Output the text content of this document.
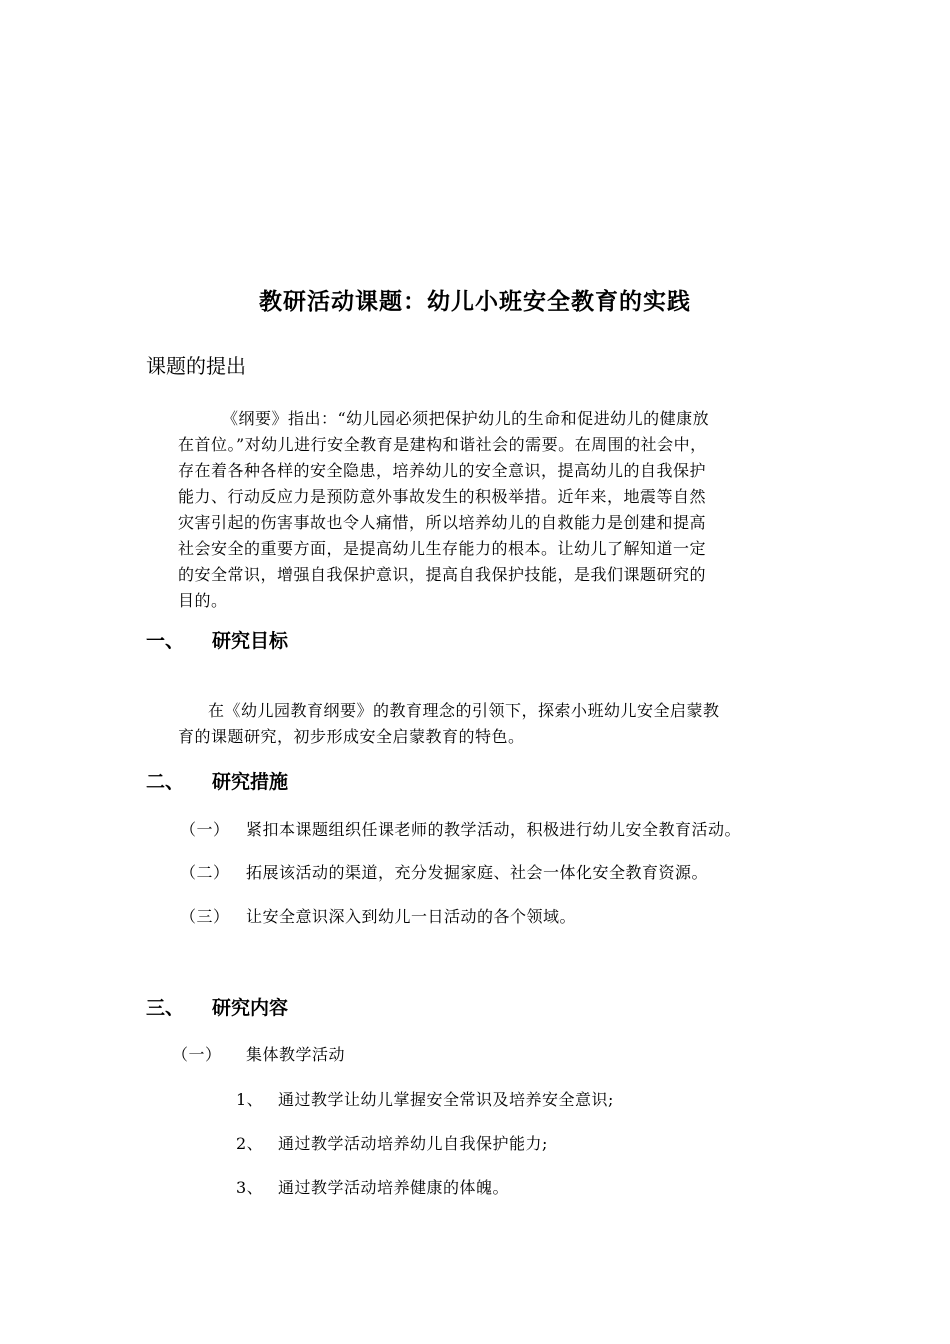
教研活动课题：幼儿小班安全教育的实践
课题的提出

《纲要》指出：“幼儿园必须把保护幼儿的生命和促进幼儿的健康放
在首位。”对幼儿进行安全教育是建构和谐社会的需要。在周围的社会中，
存在着各种各样的安全隐患，培养幼儿的安全意识，提高幼儿的自我保护
能力、行动反应力是预防意外事故发生的积极举措。近年来，地震等自然
灾害引起的伤害事故也令人痛惜，所以培养幼儿的自救能力是创建和提高
社会安全的重要方面，是提高幼儿生存能力的根本。让幼儿了解知道一定
的安全常识，增强自我保护意识，提高自我保护技能，是我们课题研究的
目的。

一、 研究目标

在《幼儿园教育纲要》的教育理念的引领下，探索小班幼儿安全启蒙教
育的课题研究，初步形成安全启蒙教育的特色。

二、 研究措施
（一） 紧扣本课题组织任课老师的教学活动，积极进行幼儿安全教育活动。
（二） 拓展该活动的渠道，充分发掘家庭、社会一体化安全教育资源。
（三） 让安全意识深入到幼儿一日活动的各个领域。
三、 研究内容
（一） 集体教学活动
1、 通过教学让幼儿掌握安全常识及培养安全意识;
2、 通过教学活动培养幼儿自我保护能力;
3、 通过教学活动培养健康的体魄。
